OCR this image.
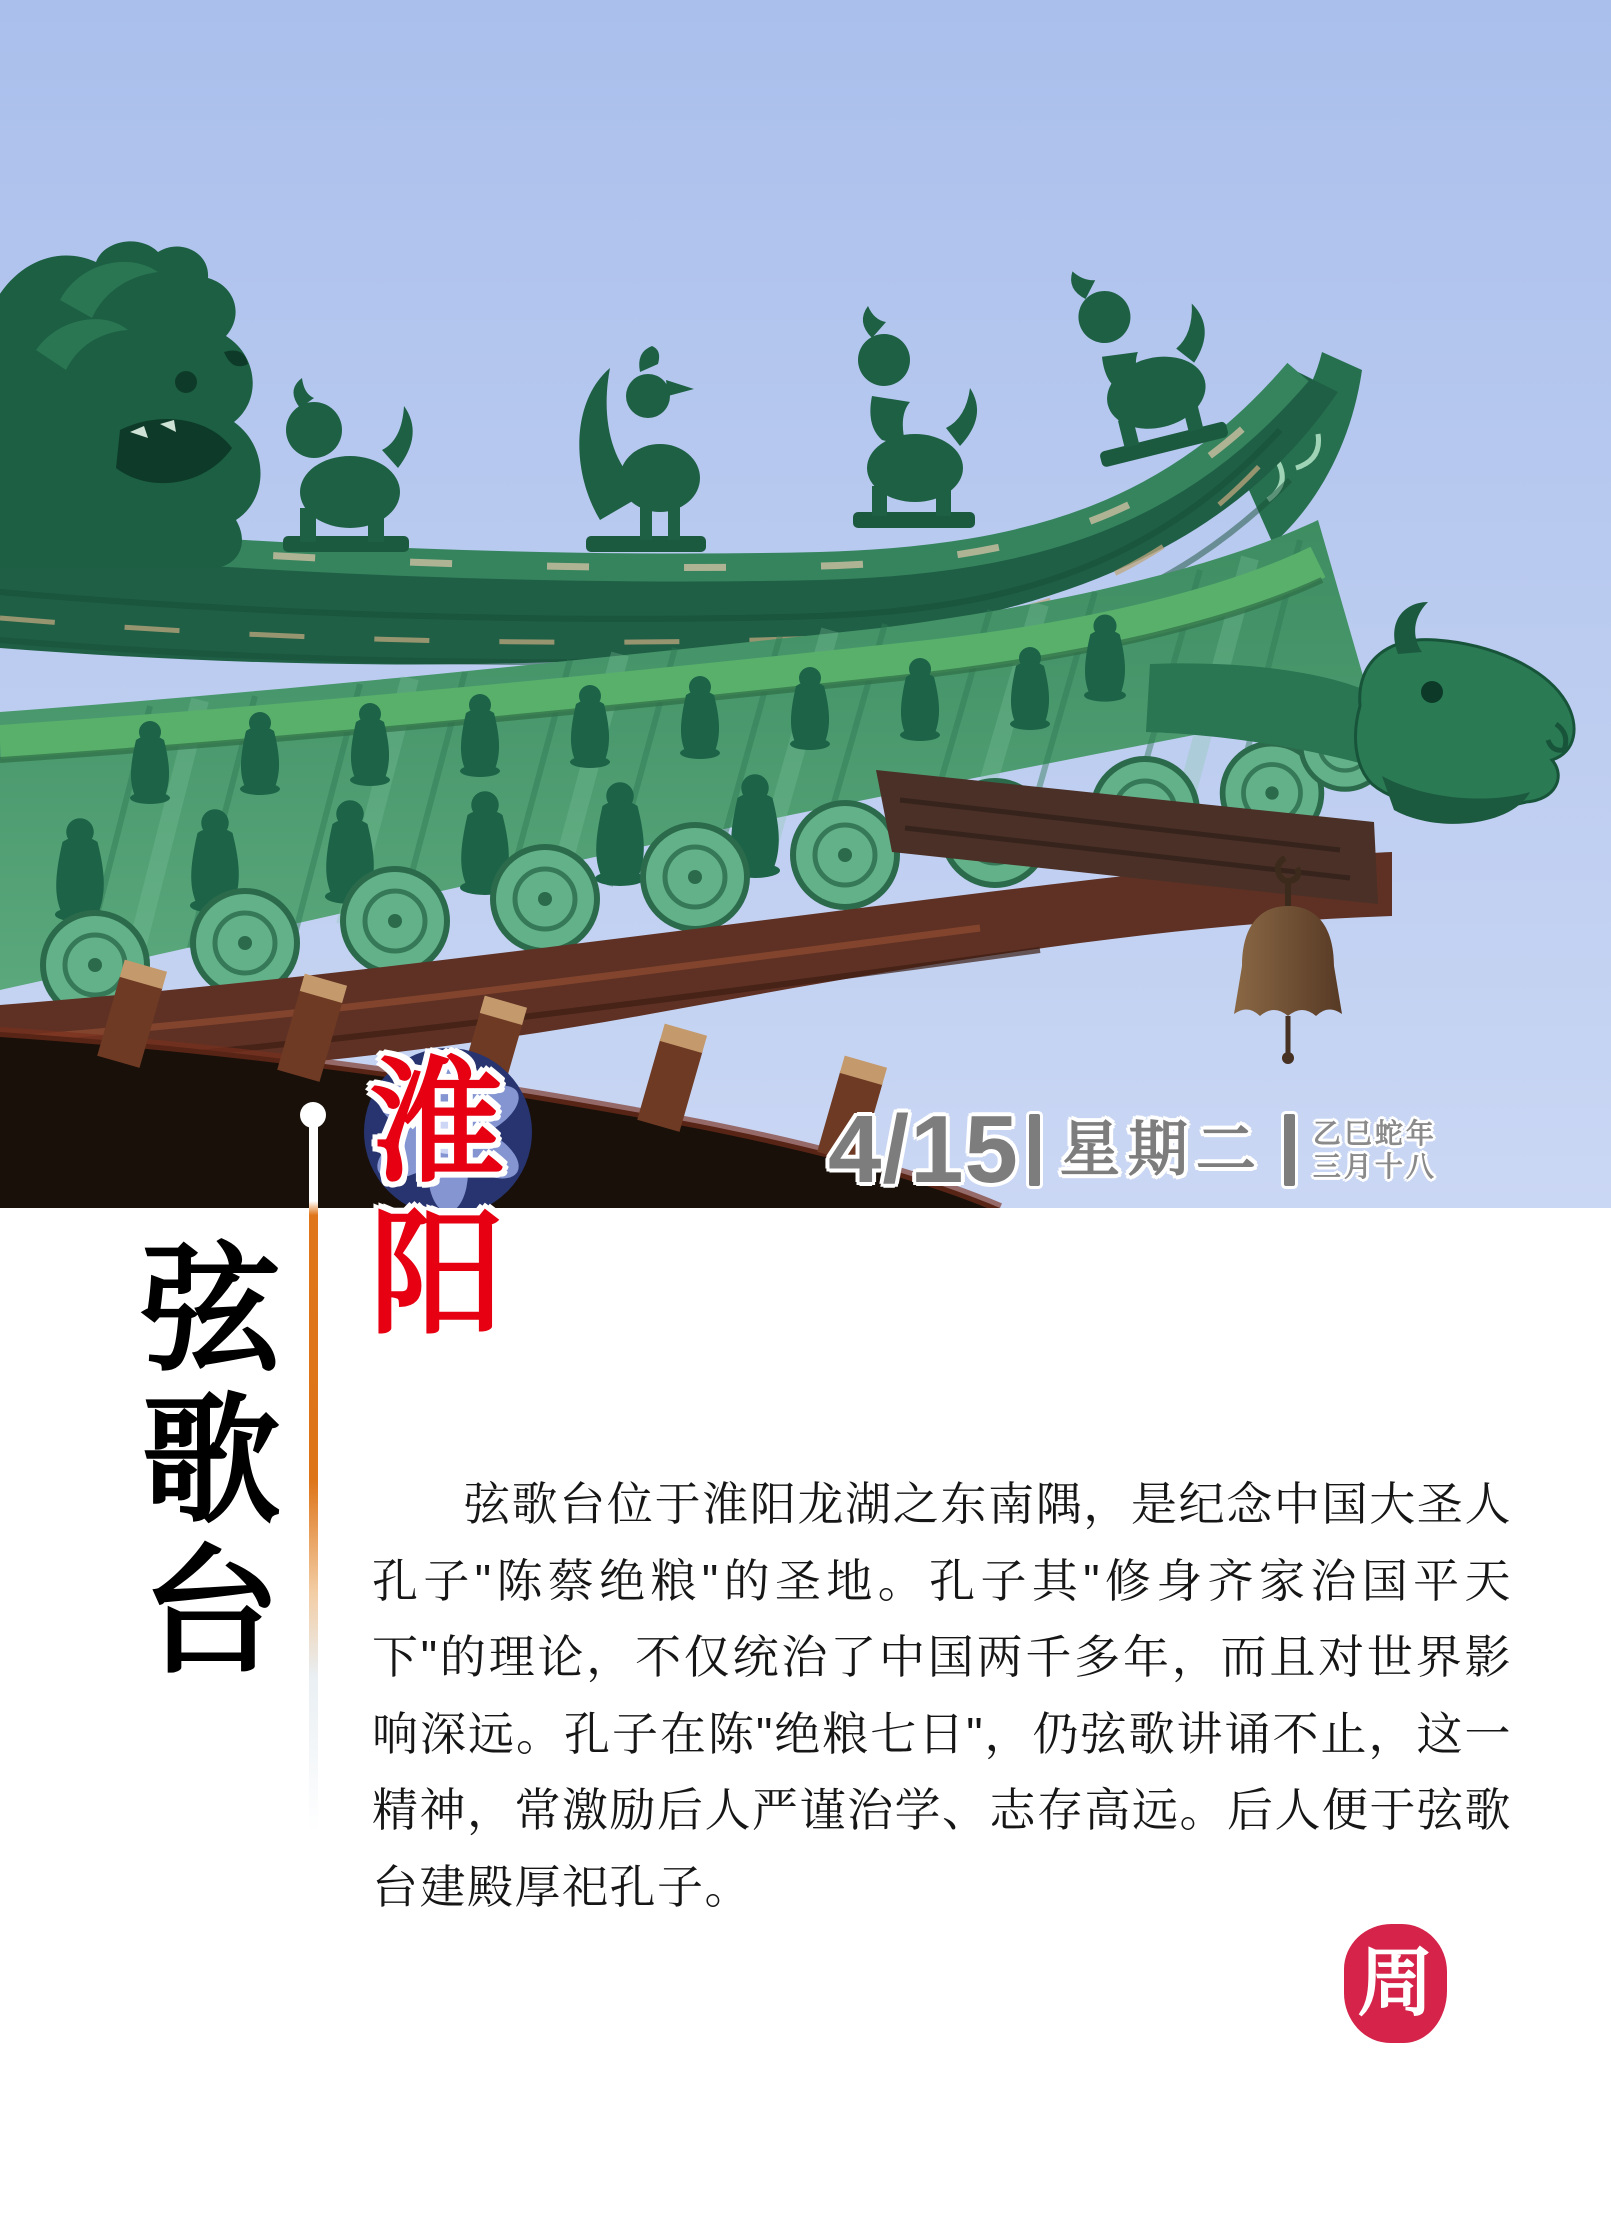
4/15 星期二 乙巳蛇年
三月十八
淮
阳
弦
歌
台

弦歌台位于淮阳龙湖之东南隅，是纪念中国大圣人孔子"陈蔡绝粮"的圣地。孔子其"修身齐家治国平天下"的理论，不仅统治了中国两千多年，而且对世界影响深远。孔子在陈"绝粮七日"，仍弦歌讲诵不止，这一精神，常激励后人严谨治学、志存高远。后人便于弦歌台建殿厚祀孔子。

周
